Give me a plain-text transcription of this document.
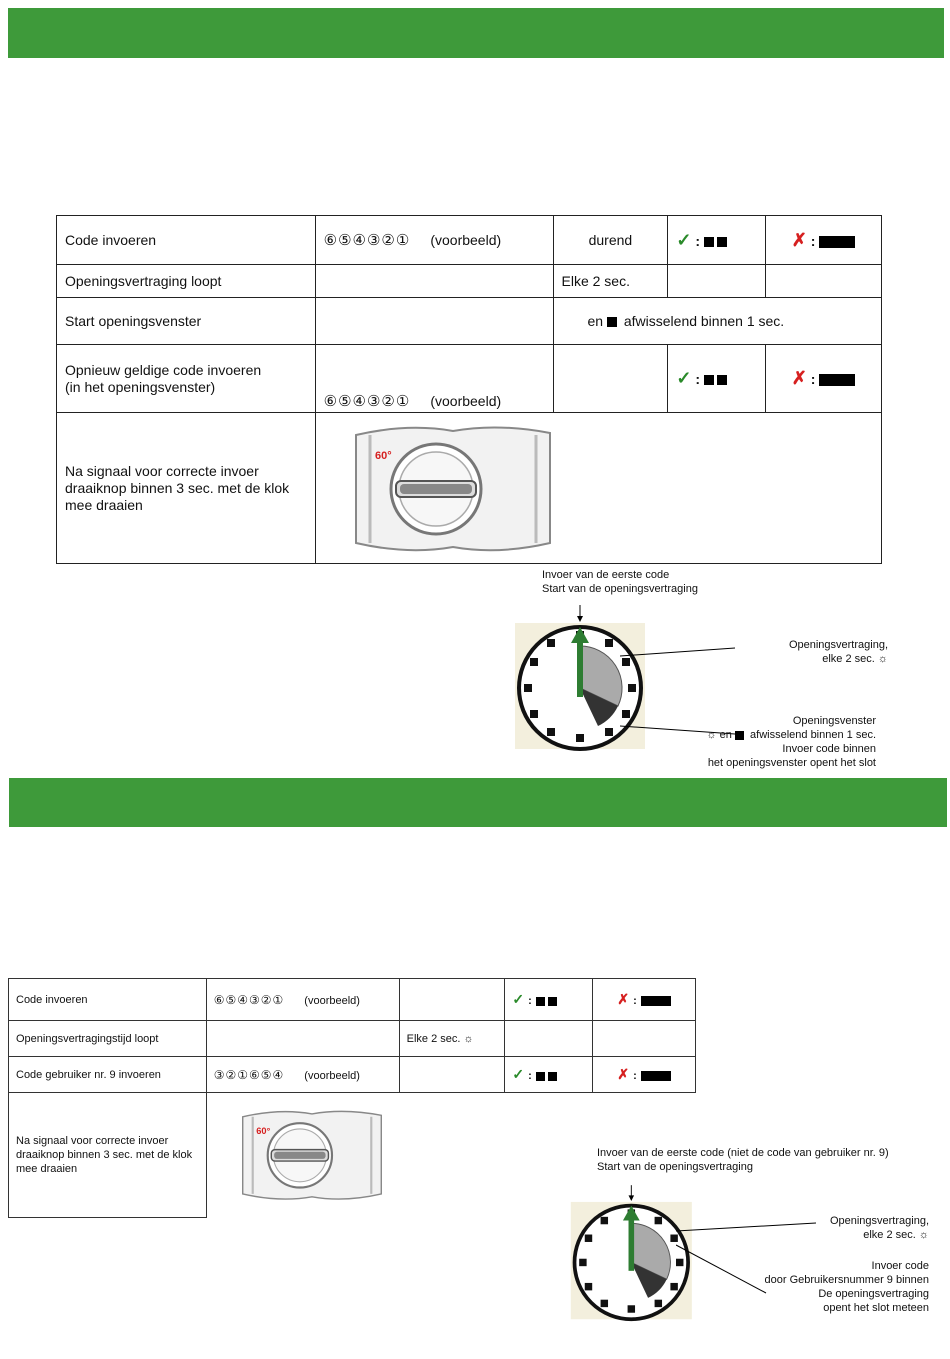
Code invoeren	⑥⑤④③②① (voorbeeld)	durend	✓ :	✗ :
Openingsvertraging loopt		Elke 2 sec.		
Start openingsvenster		en afwisselend binnen 1 sec.		
Opnieuw geldige code invoeren
(in het openingsvenster)	⑥⑤④③②① (voorbeeld)		✓ :	✗ :
Na signaal voor correcte invoer draaiknop binnen 3 sec. met de klok mee draaien	60°			
Invoer van de eerste code
Start van de openingsvertraging
Openingsvertraging,
elke 2 sec. ☼
Openingsvenster
☼ en afwisselend binnen 1 sec.
Invoer code binnen
het openingsvenster opent het slot
Code invoeren	⑥⑤④③②① (voorbeeld)		✓ :	✗ :
Openingsvertragingstijd loopt		Elke 2 sec. ☼		
Code gebruiker nr. 9 invoeren	③②①⑥⑤④ (voorbeeld)		✓ :	✗ :
Na signaal voor correcte invoer draaiknop binnen 3 sec. met de klok mee draaien	60°			
Invoer van de eerste code (niet de code van gebruiker nr. 9)
Start van de openingsvertraging
Openingsvertraging,
elke 2 sec. ☼
Invoer code
door Gebruikersnummer 9 binnen
De openingsvertraging
opent het slot meteen
